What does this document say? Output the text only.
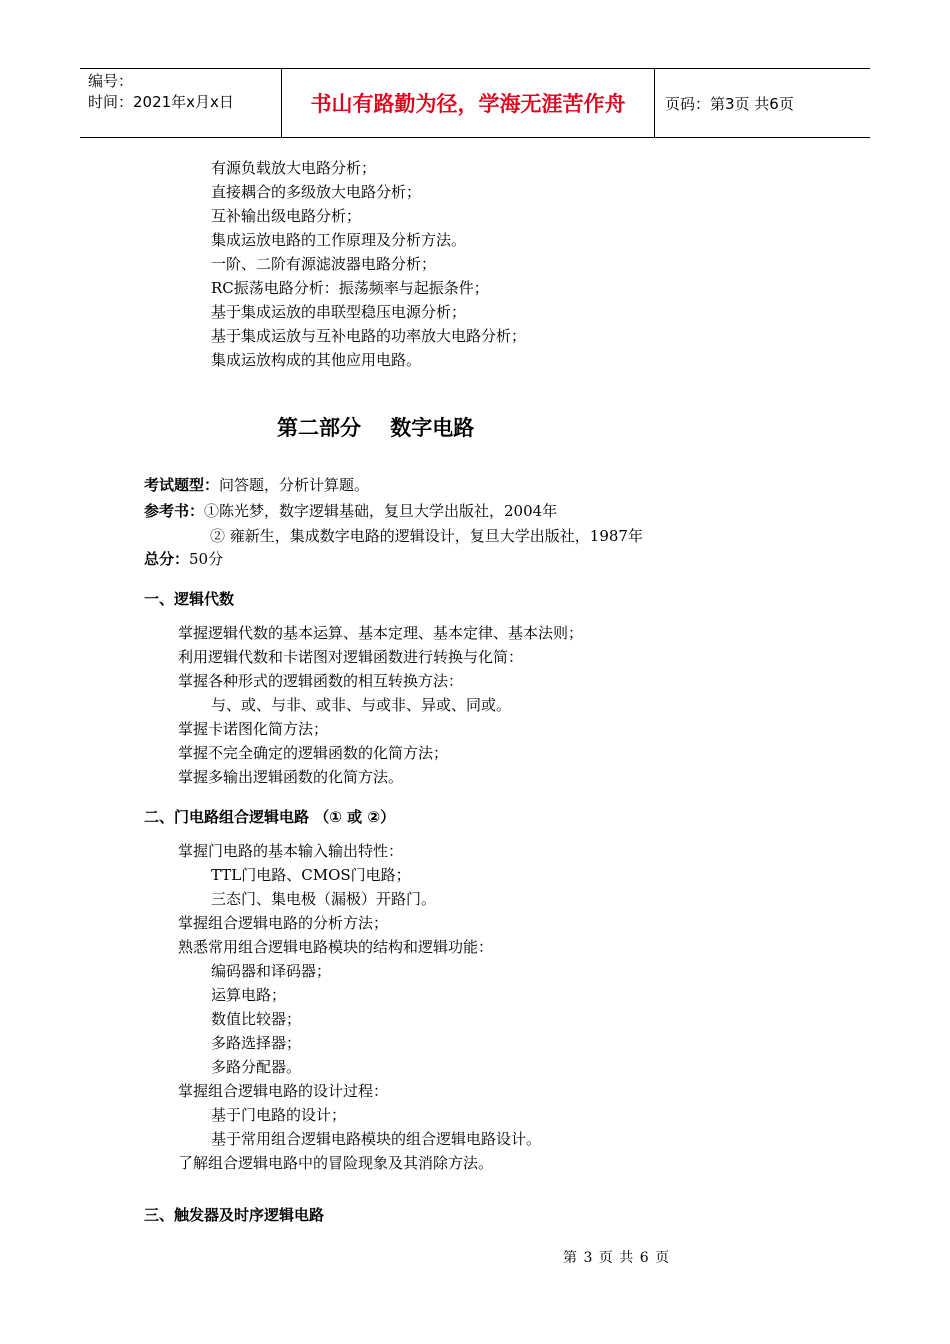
编号：
时间：2021年x月x日	书山有路勤为径，学海无涯苦作舟	页码：第3页 共6页
有源负载放大电路分析；
直接耦合的多级放大电路分析；
互补输出级电路分析；
集成运放电路的工作原理及分析方法。
一阶、二阶有源滤波器电路分析；
RC振荡电路分析：振荡频率与起振条件；
基于集成运放的串联型稳压电源分析；
基于集成运放与互补电路的功率放大电路分析；
集成运放构成的其他应用电路。
第二部分    数字电路
考试题型：问答题，分析计算题。
参考书：①陈光梦，数字逻辑基础，复旦大学出版社，2004年
② 雍新生，集成数字电路的逻辑设计，复旦大学出版社，1987年
总分：50分
一、逻辑代数
掌握逻辑代数的基本运算、基本定理、基本定律、基本法则；
利用逻辑代数和卡诺图对逻辑函数进行转换与化简：
掌握各种形式的逻辑函数的相互转换方法：
与、或、与非、或非、与或非、异或、同或。
掌握卡诺图化简方法；
掌握不完全确定的逻辑函数的化简方法；
掌握多输出逻辑函数的化简方法。
二、门电路组合逻辑电路 （① 或 ②）
掌握门电路的基本输入输出特性：
TTL门电路、CMOS门电路；
三态门、集电极（漏极）开路门。
掌握组合逻辑电路的分析方法；
熟悉常用组合逻辑电路模块的结构和逻辑功能：
编码器和译码器；
运算电路；
数值比较器；
多路选择器；
多路分配器。
掌握组合逻辑电路的设计过程：
基于门电路的设计；
基于常用组合逻辑电路模块的组合逻辑电路设计。
了解组合逻辑电路中的冒险现象及其消除方法。
三、触发器及时序逻辑电路
第 3 页 共 6 页
